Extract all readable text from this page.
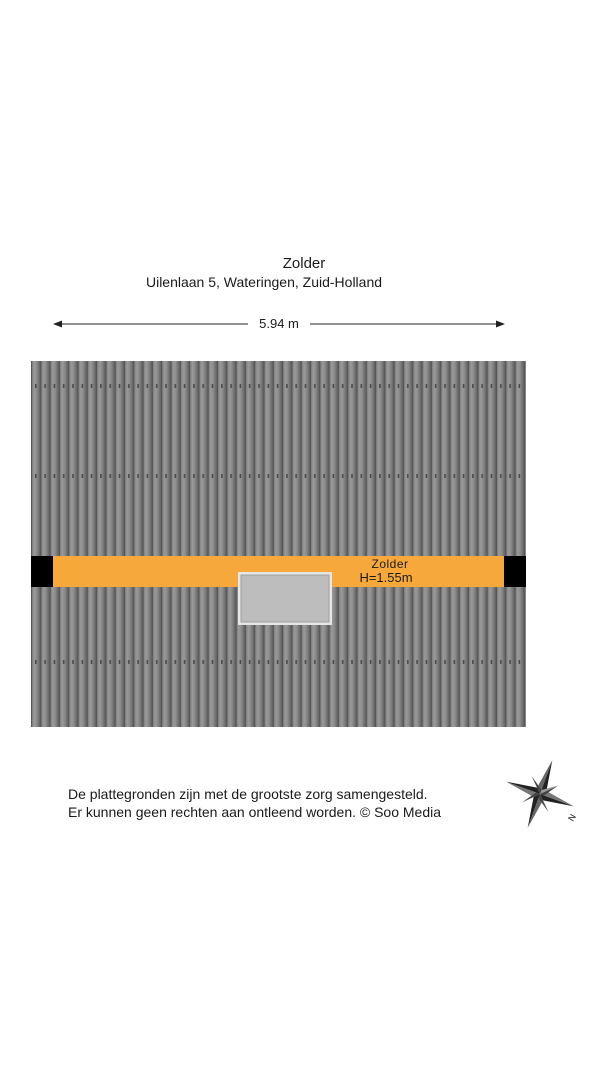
Zolder
Uilenlaan 5, Wateringen, Zuid-Holland
5.94 m
Zolder
H=1.55m
De plattegronden zijn met de grootste zorg samengesteld.
Er kunnen geen rechten aan ontleend worden. © Soo Media	N
